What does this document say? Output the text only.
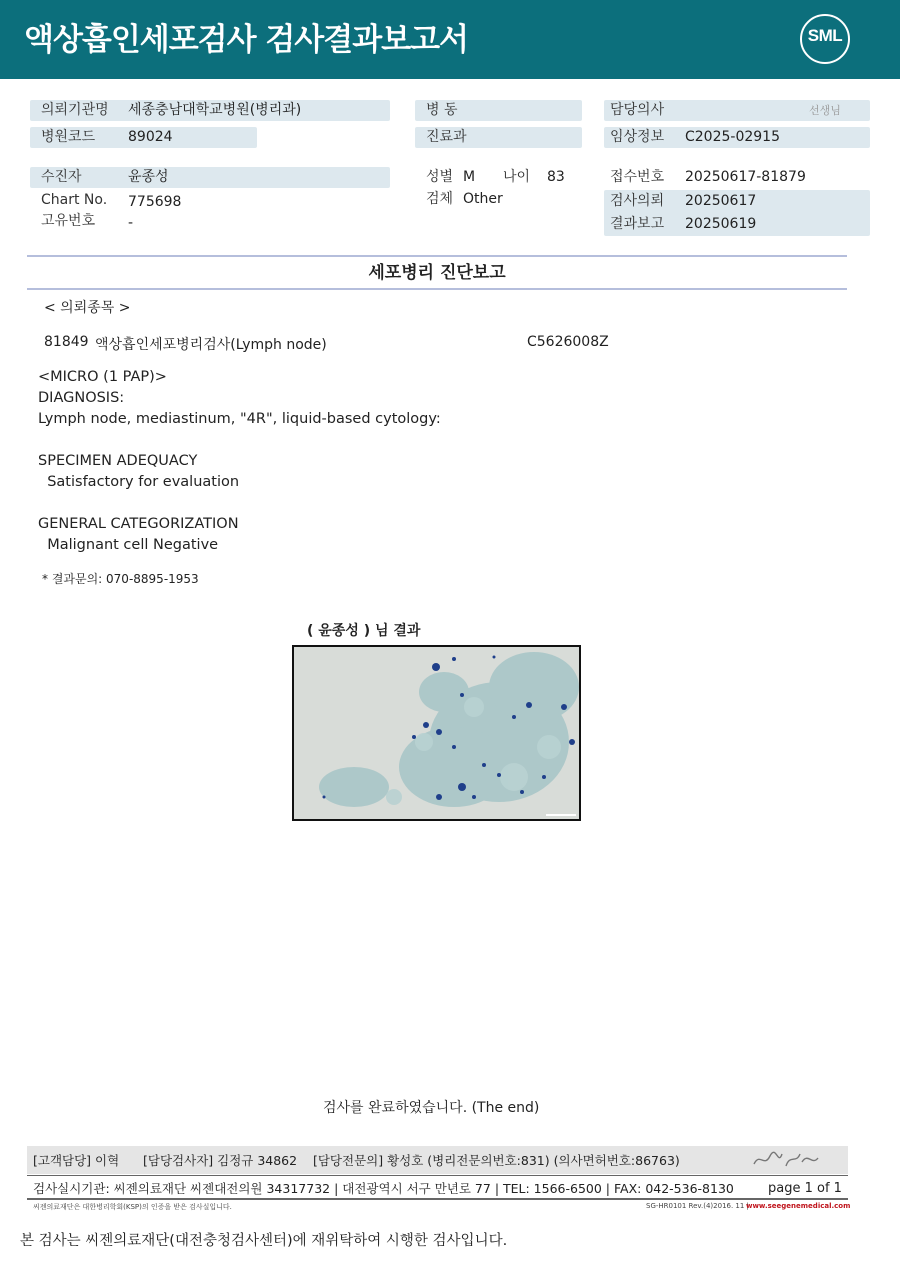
액상흡인세포검사 검사결과보고서	SML
의뢰기관명 세종충남대학교병원(병리과)
병원코드 89024
수진자	윤종성
Chart No. 775698
고유번호 -
병 동
진료과
성별 M 나이 83
검체 Other
담당의사	선생님
임상정보 C2025-02915
접수번호 20250617-81879
검사의뢰 20250617
결과보고 20250619
세포병리 진단보고
< 의뢰종목 >
81849 액상흡인세포병리검사(Lymph node)	C5626008Z
<MICRO (1 PAP)>
DIAGNOSIS:
Lymph node, mediastinum, "4R", liquid-based cytology:

SPECIMEN ADEQUACY
Satisfactory for evaluation

GENERAL CATEGORIZATION
Malignant cell Negative
* 결과문의: 070-8895-1953
( 윤종성 ) 님 결과
검사를 완료하였습니다. (The end)
[고객담당] 이혁      [담당검사자] 김정규 34862    [담당전문의] 황성호 (병리전문의번호:831) (의사면허번호:86763)
검사실시기관: 씨젠의료재단 씨젠대전의원 34317732 | 대전광역시 서구 만년로 77 | TEL: 1566-6500 | FAX: 042-536-8130	page 1 of 1
씨젠의료재단은 대한병리학회(KSP)의 인증을 받은 검사실입니다.	SG-HR0101 Rev.(4)2016. 11 |
www.seegenemedical.com
본 검사는 씨젠의료재단(대전충청검사센터)에 재위탁하여 시행한 검사입니다.
